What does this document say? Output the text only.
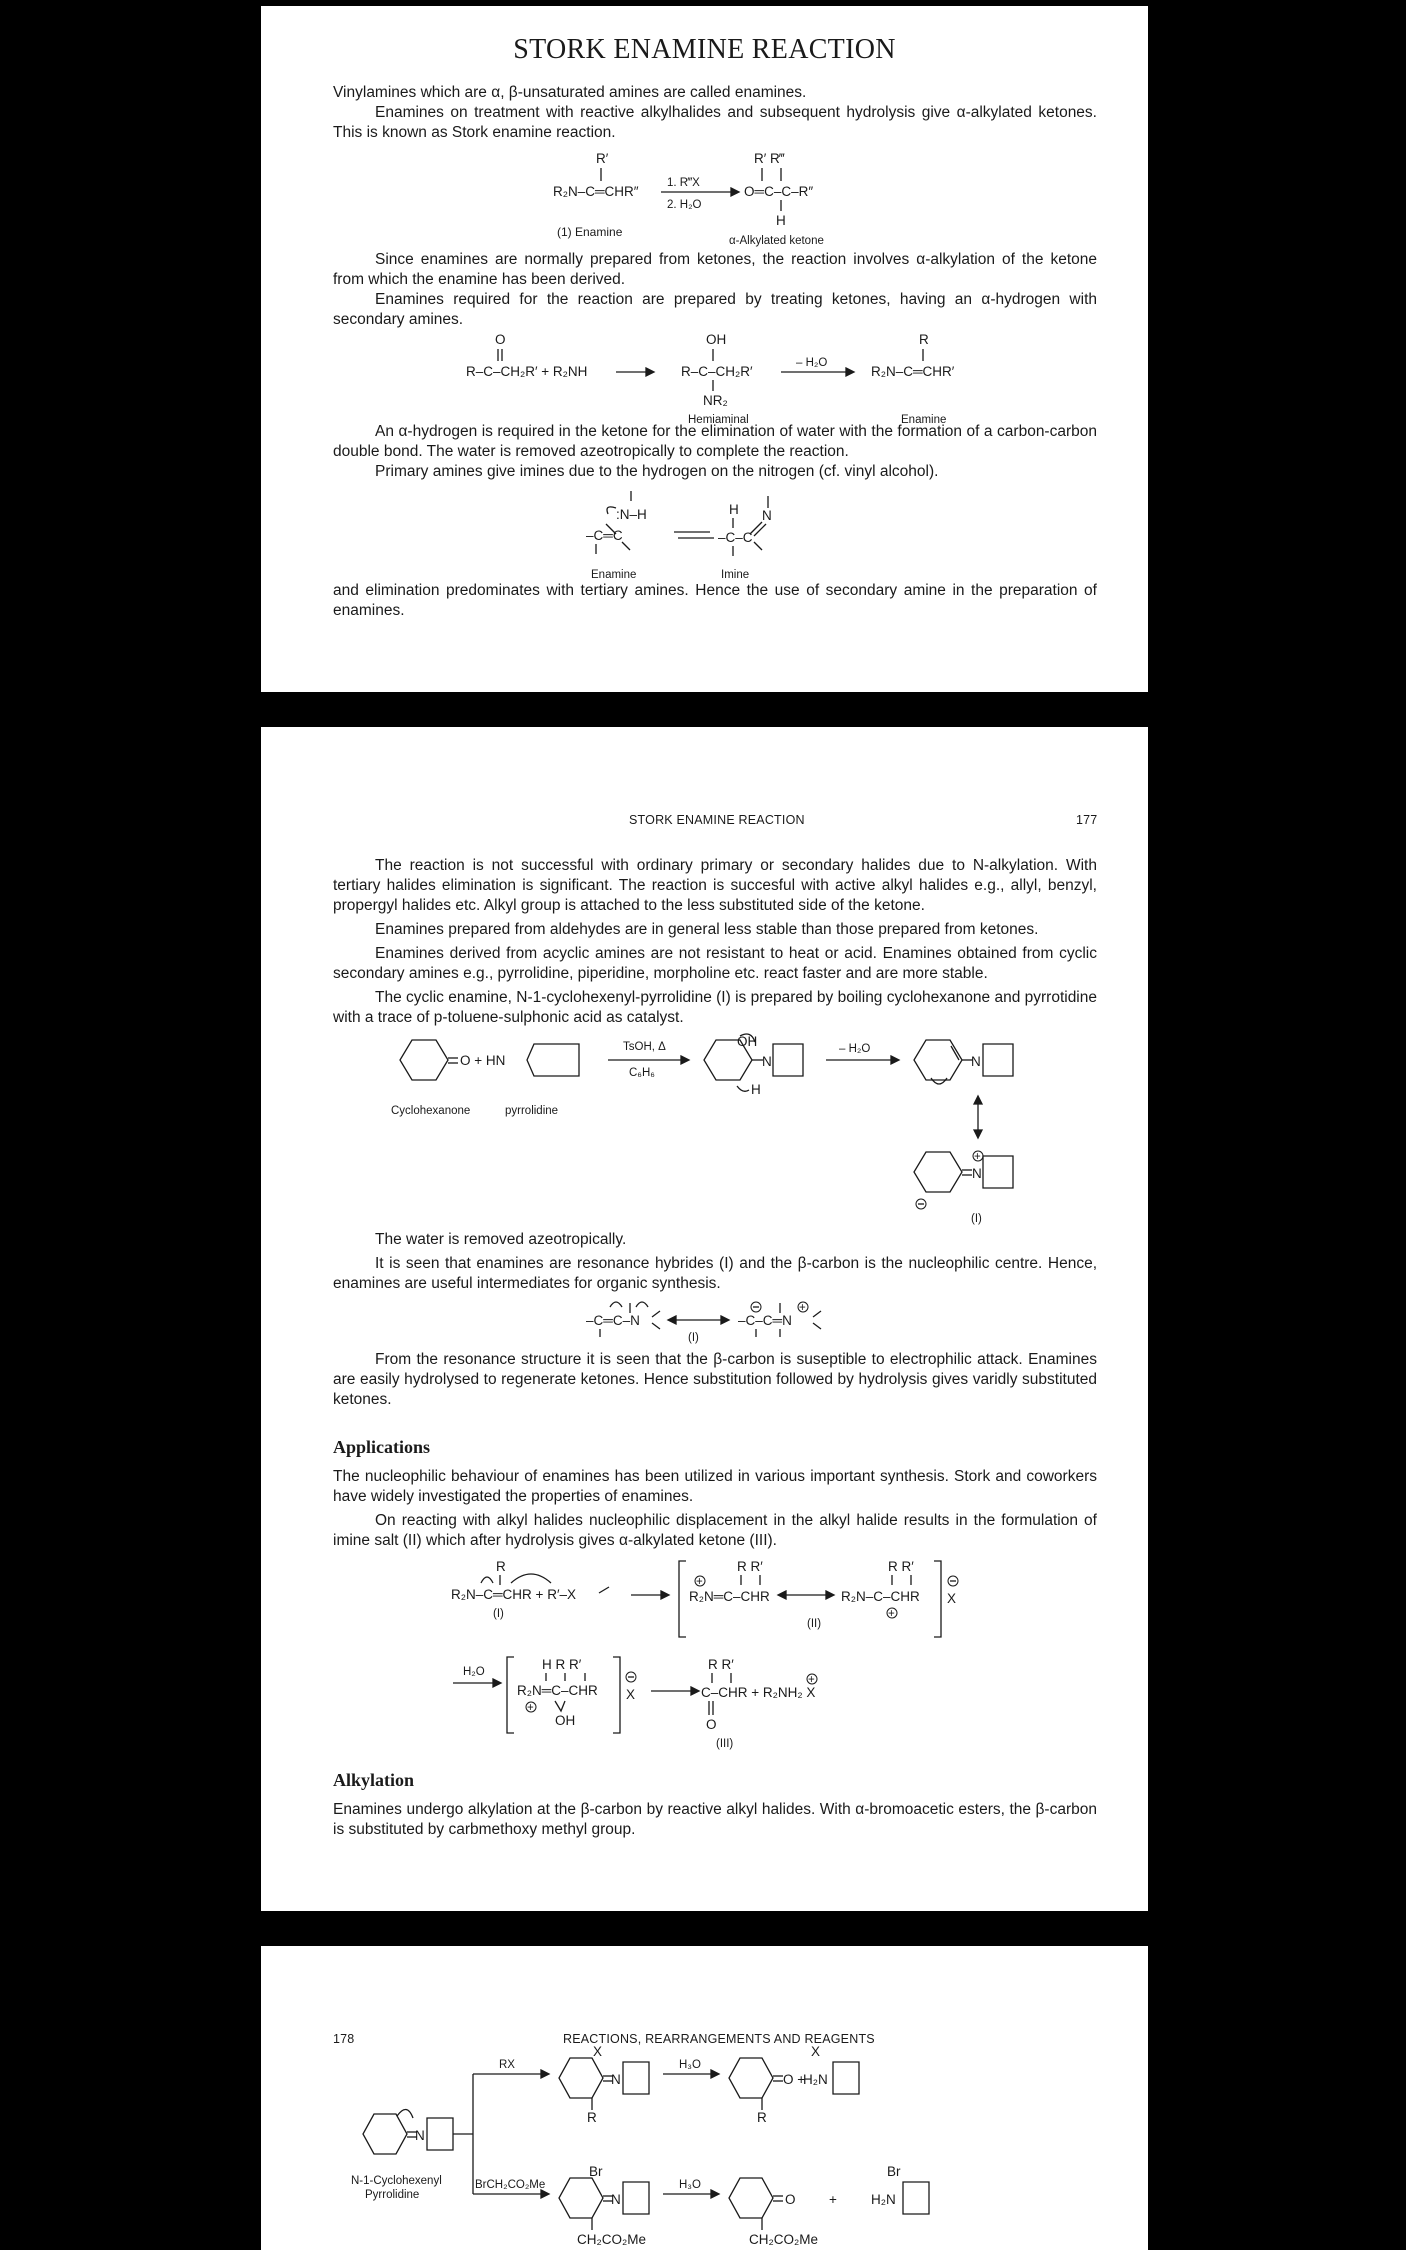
STORK ENAMINE REACTION
Vinylamines which are α, β-unsaturated amines are called enamines.
Enamines on treatment with reactive alkylhalides and subsequent hydrolysis give α-alkylated ketones. This is known as Stork enamine reaction.
R′
R₂N–C═CHR″
1. R‴X
2. H₂O
R′ R‴
O═C–C–R″
H
(1) Enamine
α-Alkylated ketone
Since enamines are normally prepared from ketones, the reaction involves α-alkylation of the ketone from which the enamine has been derived.
Enamines required for the reaction are prepared by treating ketones, having an α-hydrogen with secondary amines.
O
R–C–CH₂R′ + R₂NH
OH
R–C–CH₂R′
NR₂
– H₂O
R
R₂N–C═CHR′
Hemiaminal	Enamine
An α-hydrogen is required in the ketone for the elimination of water with the formation of a carbon-carbon double bond. The water is removed azeotropically to complete the reaction.
Primary amines give imines due to the hydrogen on the nitrogen (cf. vinyl alcohol).
:N–H
–C═C
H
–C–C
N
Enamine	Imine
and elimination predominates with tertiary amines. Hence the use of secondary amine in the preparation of enamines.
STORK ENAMINE REACTION	177
The reaction is not successful with ordinary primary or secondary halides due to N-alkylation. With tertiary halides elimination is significant. The reaction is succesful with active alkyl halides e.g., allyl, benzyl, propergyl halides etc. Alkyl group is attached to the less substituted side of the ketone.
Enamines prepared from aldehydes are in general less stable than those prepared from ketones.
Enamines derived from acyclic amines are not resistant to heat or acid. Enamines obtained from cyclic secondary amines e.g., pyrrolidine, piperidine, morpholine etc. react faster and are more stable.
The cyclic enamine, N-1-cyclohexenyl-pyrrolidine (I) is prepared by boiling cyclohexanone and pyrrotidine with a trace of p-toluene-sulphonic acid as catalyst.
O + HN
TsOH, Δ
C₆H₆
OH
N
H
– H₂O
N
N
+
(I)
Cyclohexanone	pyrrolidine
The water is removed azeotropically.
It is seen that enamines are resonance hybrides (I) and the β-carbon is the nucleophilic centre. Hence, enamines are useful intermediates for organic synthesis.
–C═C–N
(I)
+
–C–C═N
From the resonance structure it is seen that the β-carbon is suseptible to electrophilic attack. Enamines are easily hydrolysed to regenerate ketones. Hence substitution followed by hydrolysis gives varidly substituted ketones.
Applications
The nucleophilic behaviour of enamines has been utilized in various important synthesis. Stork and coworkers have widely investigated the properties of enamines.
On reacting with alkyl halides nucleophilic displacement in the alkyl halide results in the formulation of imine salt (II) which after hydrolysis gives α-alkylated ketone (III).
R
R₂N–C═CHR + R′–X
(I)
R R′
+
R₂N═C–CHR
R R′
R₂N–C–CHR
+
X
(II)
H₂O	H R R′
R₂N═C–CHR
+
OH
X
R R′
C–CHR + R₂NH₂ X
+
O
(III)
Alkylation
Enamines undergo alkylation at the β-carbon by reactive alkyl halides. With α-bromoacetic esters, the β-carbon is substituted by carbmethoxy methyl group.
178	REACTIONS, REARRANGEMENTS AND REAGENTS
N
RX
BrCH₂CO₂Me
N
X
R
H₃O
O +
R
X
H₂N
N
Br
CH₂CO₂Me
H₃O
O
CH₂CO₂Me
+
Br
H₂N
N-1-Cyclohexenyl
Pyrrolidine
